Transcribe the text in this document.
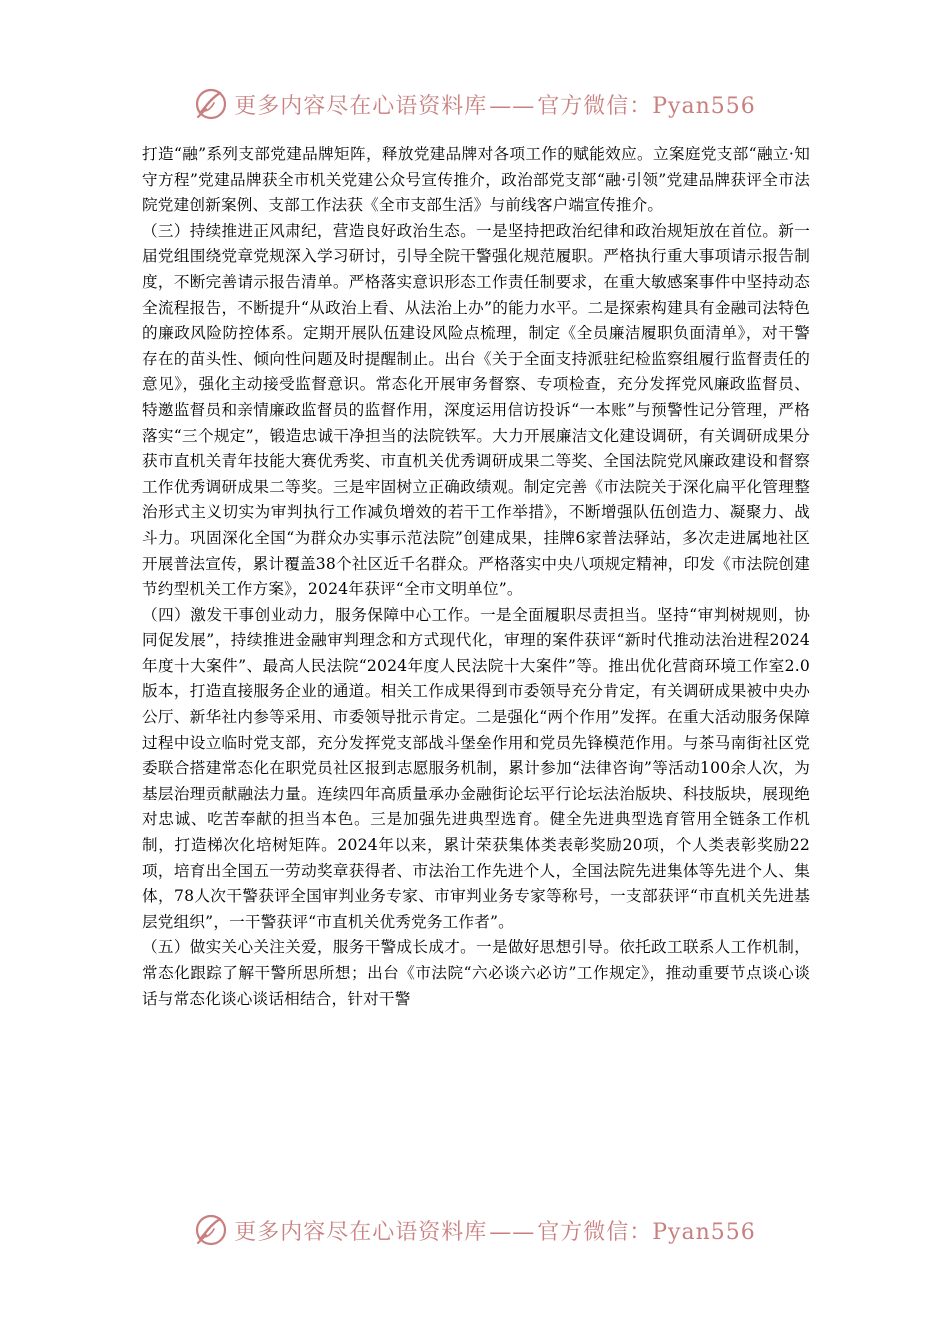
更多内容尽在心语资料库——官方微信：Pyan556

打造“融”系列支部党建品牌矩阵，释放党建品牌对各项工作的赋能效应。立案庭党支部“融立·知守方程”党建品牌获全市机关党建公众号宣传推介，政治部党支部“融·引领”党建品牌获评全市法院党建创新案例、支部工作法获《全市支部生活》与前线客户端宣传推介。

（三）持续推进正风肃纪，营造良好政治生态。一是坚持把政治纪律和政治规矩放在首位。新一届党组围绕党章党规深入学习研讨，引导全院干警强化规范履职。严格执行重大事项请示报告制度，不断完善请示报告清单。严格落实意识形态工作责任制要求，在重大敏感案事件中坚持动态全流程报告，不断提升“从政治上看、从法治上办”的能力水平。二是探索构建具有金融司法特色的廉政风险防控体系。定期开展队伍建设风险点梳理，制定《全员廉洁履职负面清单》，对干警存在的苗头性、倾向性问题及时提醒制止。出台《关于全面支持派驻纪检监察组履行监督责任的意见》，强化主动接受监督意识。常态化开展审务督察、专项检查，充分发挥党风廉政监督员、特邀监督员和亲情廉政监督员的监督作用，深度运用信访投诉“一本账”与预警性记分管理，严格落实“三个规定”，锻造忠诚干净担当的法院铁军。大力开展廉洁文化建设调研，有关调研成果分获市直机关青年技能大赛优秀奖、市直机关优秀调研成果二等奖、全国法院党风廉政建设和督察工作优秀调研成果二等奖。三是牢固树立正确政绩观。制定完善《市法院关于深化扁平化管理整治形式主义切实为审判执行工作减负增效的若干工作举措》，不断增强队伍创造力、凝聚力、战斗力。巩固深化全国“为群众办实事示范法院”创建成果，挂牌6家普法驿站，多次走进属地社区开展普法宣传，累计覆盖38个社区近千名群众。严格落实中央八项规定精神，印发《市法院创建节约型机关工作方案》，2024年获评“全市文明单位”。

（四）激发干事创业动力，服务保障中心工作。一是全面履职尽责担当。坚持“审判树规则，协同促发展”，持续推进金融审判理念和方式现代化，审理的案件获评“新时代推动法治进程2024年度十大案件”、最高人民法院“2024年度人民法院十大案件”等。推出优化营商环境工作室2.0版本，打造直接服务企业的通道。相关工作成果得到市委领导充分肯定，有关调研成果被中央办公厅、新华社内参等采用、市委领导批示肯定。二是强化“两个作用”发挥。在重大活动服务保障过程中设立临时党支部，充分发挥党支部战斗堡垒作用和党员先锋模范作用。与茶马南街社区党委联合搭建常态化在职党员社区报到志愿服务机制，累计参加“法律咨询”等活动100余人次，为基层治理贡献融法力量。连续四年高质量承办金融街论坛平行论坛法治版块、科技版块，展现绝对忠诚、吃苦奉献的担当本色。三是加强先进典型选育。健全先进典型选育管用全链条工作机制，打造梯次化培树矩阵。2024年以来，累计荣获集体类表彰奖励20项，个人类表彰奖励22项，培育出全国五一劳动奖章获得者、市法治工作先进个人，全国法院先进集体等先进个人、集体，78人次干警获评全国审判业务专家、市审判业务专家等称号，一支部获评“市直机关先进基层党组织”，一干警获评“市直机关优秀党务工作者”。

（五）做实关心关注关爱，服务干警成长成才。一是做好思想引导。依托政工联系人工作机制，常态化跟踪了解干警所思所想；出台《市法院“六必谈六必访”工作规定》，推动重要节点谈心谈话与常态化谈心谈话相结合，针对干警

更多内容尽在心语资料库——官方微信：Pyan556
